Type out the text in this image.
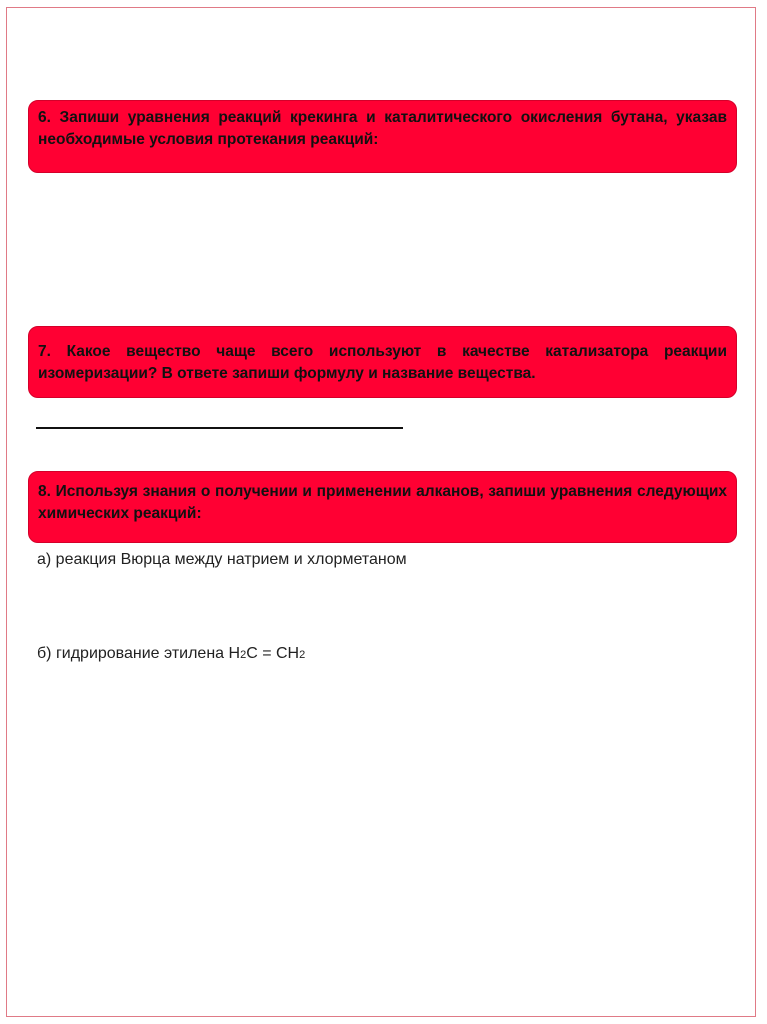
6. Запиши уравнения реакций крекинга и каталитического окисления бутана, указав необходимые условия протекания реакций:
7. Какое вещество чаще всего используют в качестве катализатора реакции изомеризации? В ответе запиши формулу и название вещества.
8. Используя знания о получении и применении алканов, запиши уравнения следующих химических реакций:
а) реакция Вюрца между натрием и хлорметаном
б) гидрирование этилена H2C = CH2
